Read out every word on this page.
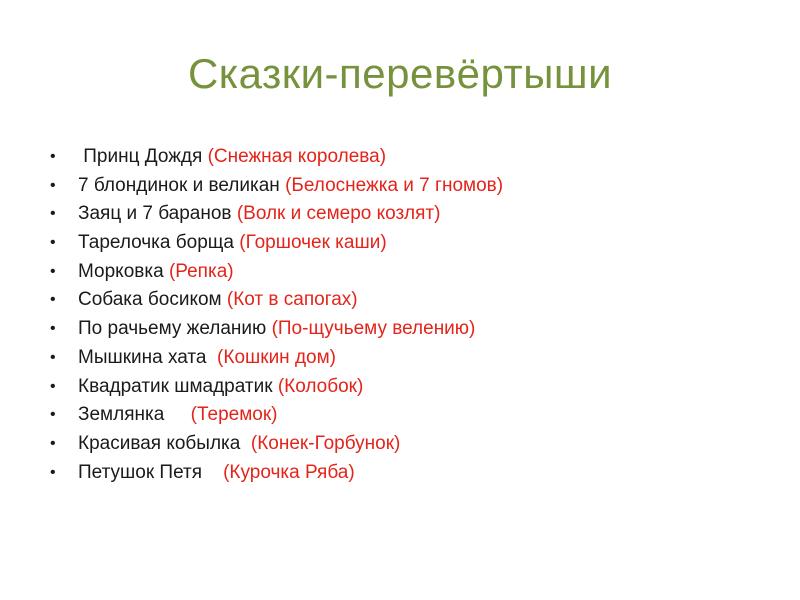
Сказки-перевёртыши
• Принц Дождя (Снежная королева)
• 7 блондинок и великан (Белоснежка и 7 гномов)
• Заяц и 7 баранов (Волк и семеро козлят)
• Тарелочка борща (Горшочек каши)
• Морковка (Репка)
• Собака босиком (Кот в сапогах)
• По рачьему желанию (По-щучьему велению)
• Мышкина хата  (Кошкин дом)
• Квадратик шмадратик (Колобок)
• Землянка     (Теремок)
• Красивая кобылка  (Конек-Горбунок)
• Петушок Петя    (Курочка Ряба)
